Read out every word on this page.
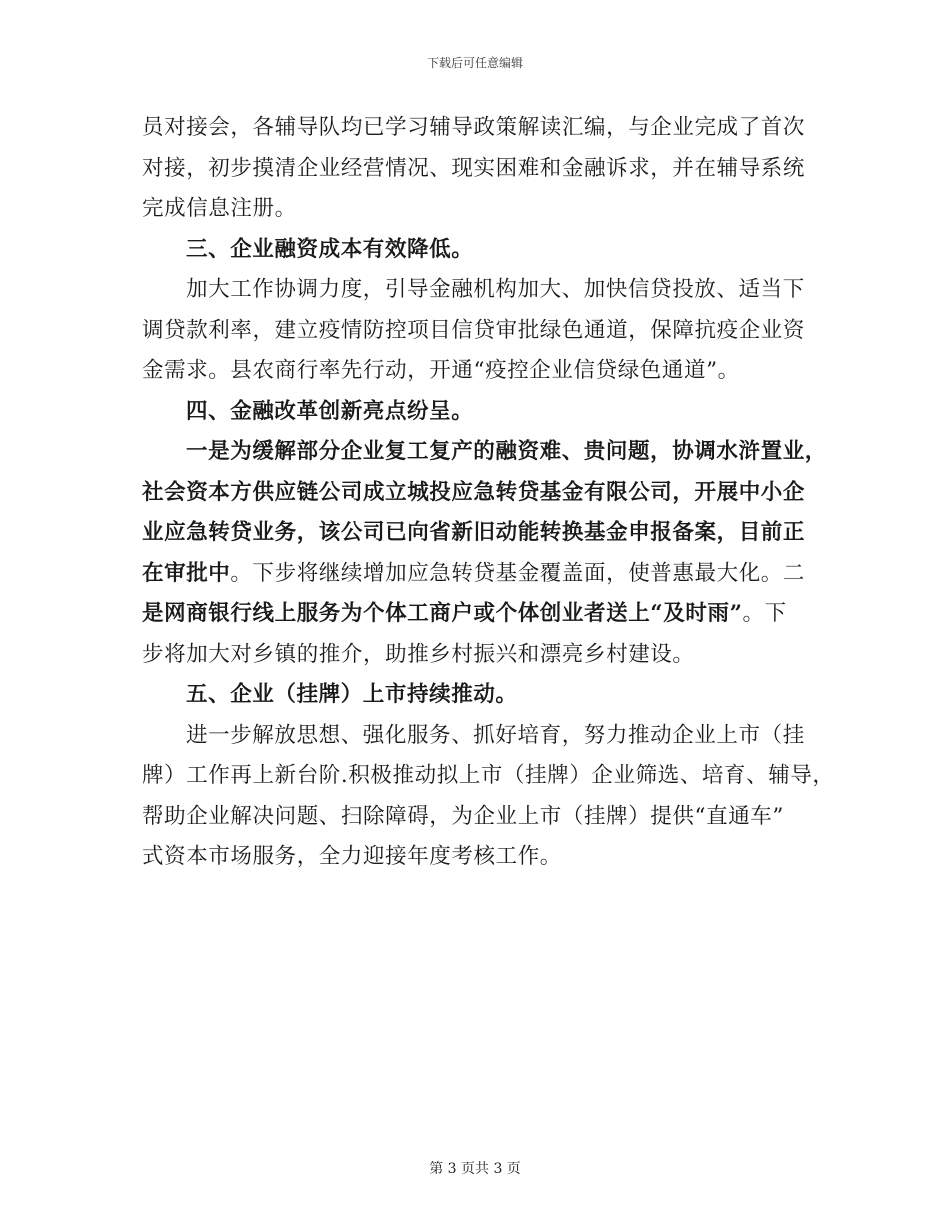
下载后可任意编辑
员对接会，各辅导队均已学习辅导政策解读汇编，与企业完成了首次
对接，初步摸清企业经营情况、现实困难和金融诉求，并在辅导系统
完成信息注册。
三、企业融资成本有效降低。
加大工作协调力度，引导金融机构加大、加快信贷投放、适当下
调贷款利率，建立疫情防控项目信贷审批绿色通道，保障抗疫企业资
金需求。县农商行率先行动，开通“疫控企业信贷绿色通道”。
四、金融改革创新亮点纷呈。
一是为缓解部分企业复工复产的融资难、贵问题，协调水浒置业，
社会资本方供应链公司成立城投应急转贷基金有限公司，开展中小企
业应急转贷业务，该公司已向省新旧动能转换基金申报备案，目前正
在审批中。下步将继续增加应急转贷基金覆盖面，使普惠最大化。二
是网商银行线上服务为个体工商户或个体创业者送上“及时雨”。下
步将加大对乡镇的推介，助推乡村振兴和漂亮乡村建设。
五、企业（挂牌）上市持续推动。
进一步解放思想、强化服务、抓好培育，努力推动企业上市（挂
牌）工作再上新台阶.积极推动拟上市（挂牌）企业筛选、培育、辅导，
帮助企业解决问题、扫除障碍，为企业上市（挂牌）提供“直通车”
式资本市场服务，全力迎接年度考核工作。
第 3 页共 3 页
